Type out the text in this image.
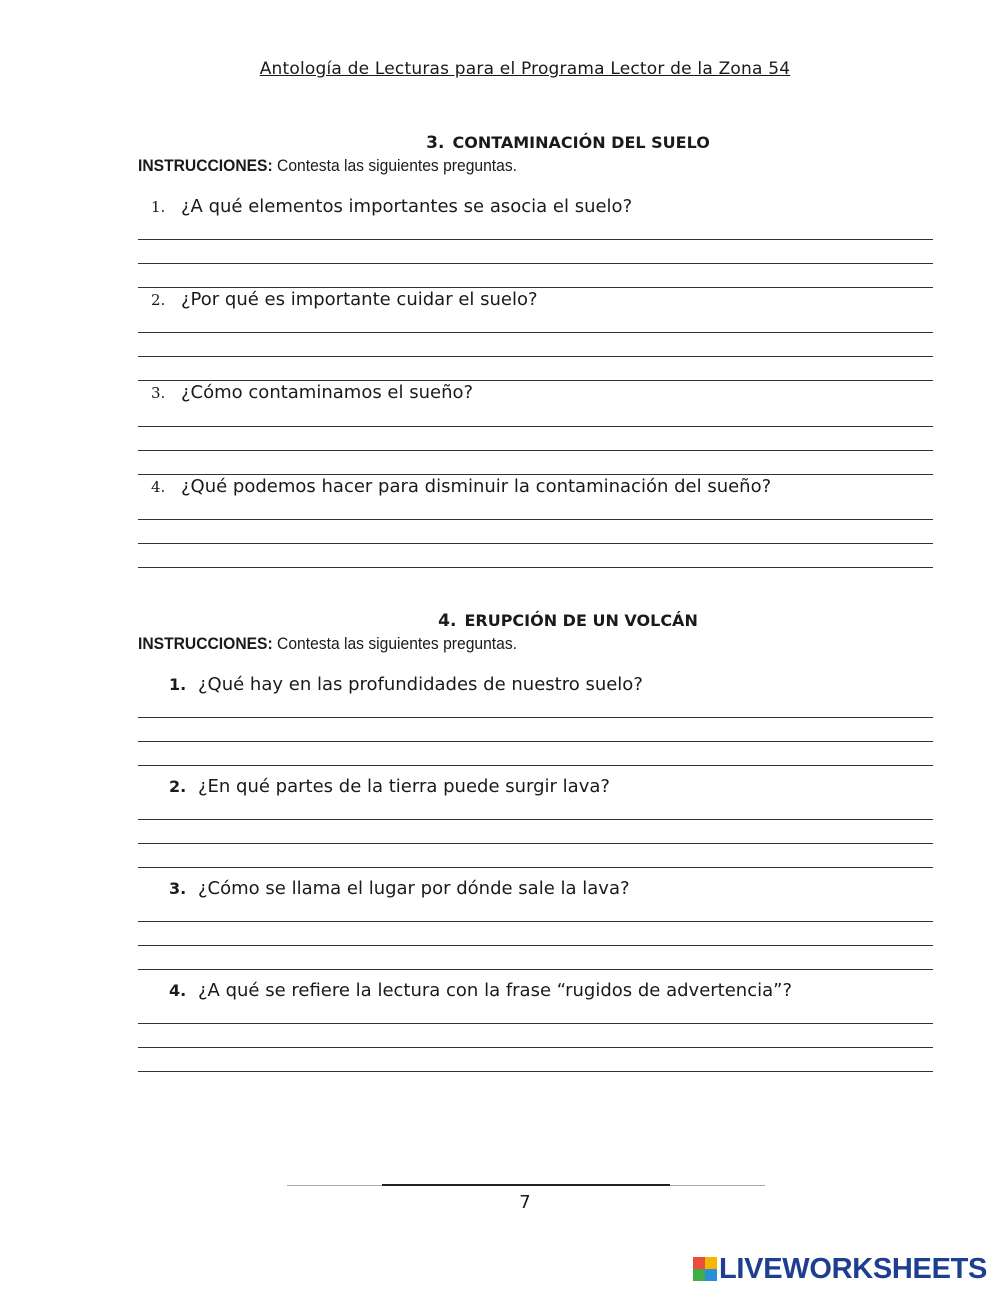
Antología de Lecturas para el Programa Lector de la Zona 54
3. CONTAMINACIÓN DEL SUELO
INSTRUCCIONES: Contesta las siguientes preguntas.
1. ¿A qué elementos importantes se asocia el suelo?
2. ¿Por qué es importante cuidar el suelo?
3. ¿Cómo contaminamos el sueño?
4. ¿Qué podemos hacer para disminuir la contaminación del sueño?
4. ERUPCIÓN DE UN VOLCÁN
INSTRUCCIONES: Contesta las siguientes preguntas.
1. ¿Qué hay en las profundidades de nuestro suelo?
2. ¿En qué partes de la tierra puede surgir lava?
3. ¿Cómo se llama el lugar por dónde sale la lava?
4. ¿A qué se refiere la lectura con la frase “rugidos de advertencia”?
7
LIVEWORKSHEETS
